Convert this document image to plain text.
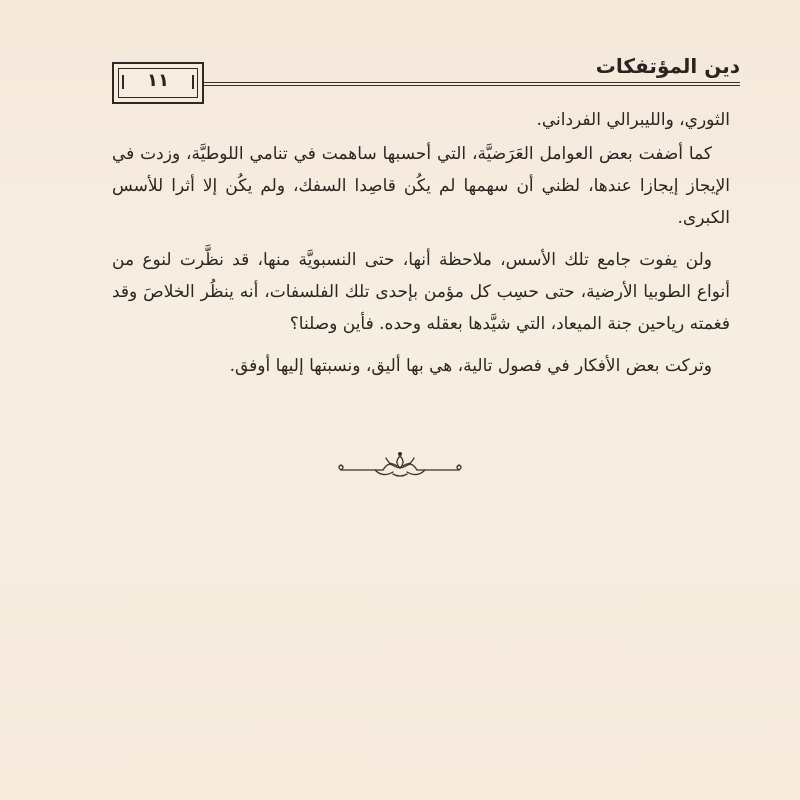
دين المؤتفكات
١١

الثوري، والليبرالي الفرداني.

كما أضفت بعض العوامل العَرَضيَّة، التي أحسبها ساهمت في تنامي اللوطيَّة، وزدت في الإيجاز إيجازا عندها، لظني أن سهمها لم يكُن قاصِدا السفك، ولم يكُن إلا أثرا للأسس الكبرى.

ولن يفوت جامع تلك الأسس، ملاحظة أنها، حتى النسبويَّة منها، قد نظَّرت لنوع من أنواع الطوبيا الأرضية، حتى حسِب كل مؤمن بإحدى تلك الفلسفات، أنه ينظُر الخلاصَ وقد فغمته رياحين جنة الميعاد، التي شيَّدها بعقله وحده. فأين وصلنا؟

وتركت بعض الأفكار في فصول تالية، هي بها أليق، ونسبتها إليها أوفق.
